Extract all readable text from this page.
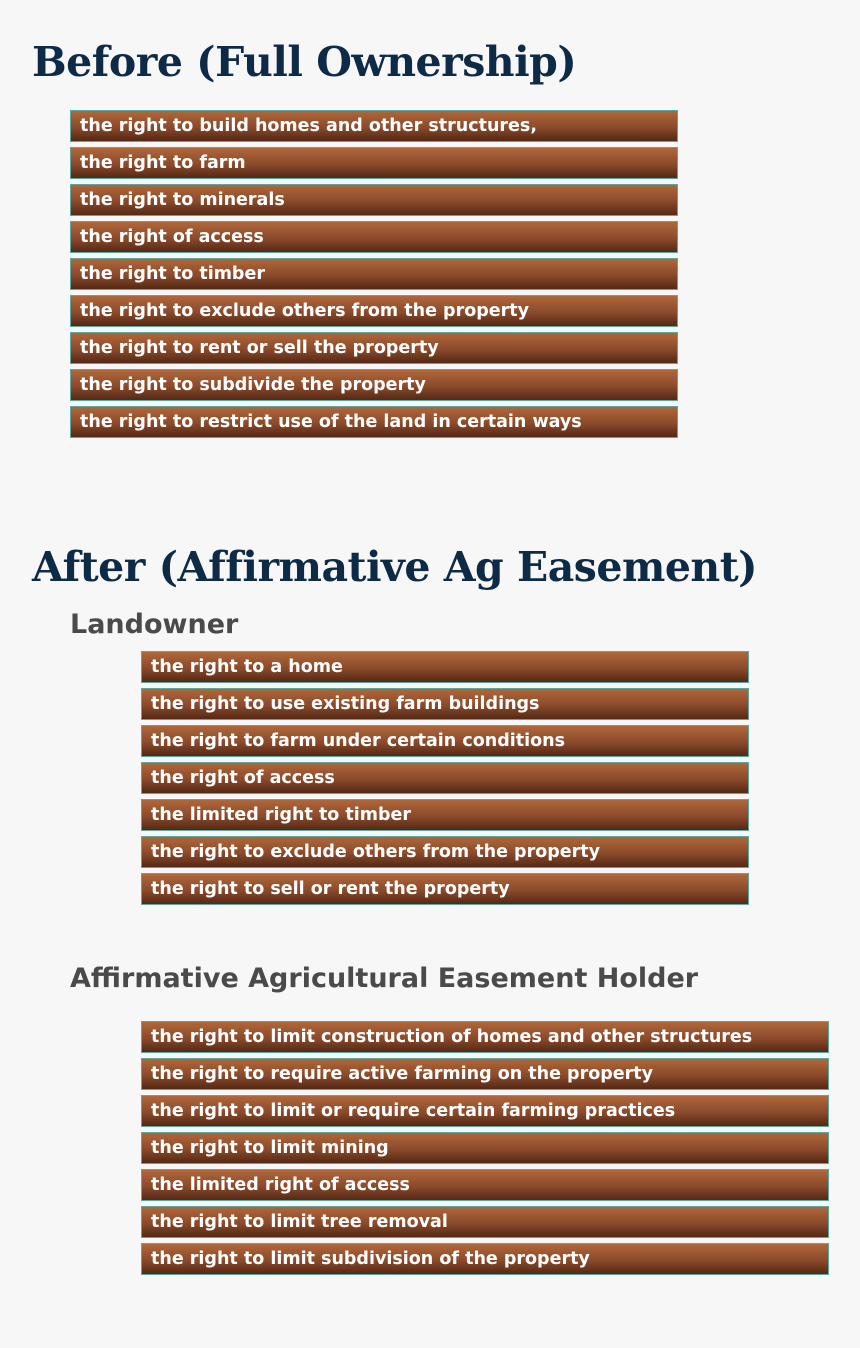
Before (Full Ownership)
the right to build homes and other structures,
the right to farm
the right to minerals
the right of access
the right to timber
the right to exclude others from the property
the right to rent or sell the property
the right to subdivide the property
the right to restrict use of the land in certain ways
After (Affirmative Ag Easement)
Landowner
the right to a home
the right to use existing farm buildings
the right to farm under certain conditions
the right of access
the limited right to timber
the right to exclude others from the property
the right to sell or rent the property
Affirmative Agricultural Easement Holder
the right to limit construction of homes and other structures
the right to require active farming on the property
the right to limit or require certain farming practices
the right to limit mining
the limited right of access
the right to limit tree removal
the right to limit subdivision of the property
